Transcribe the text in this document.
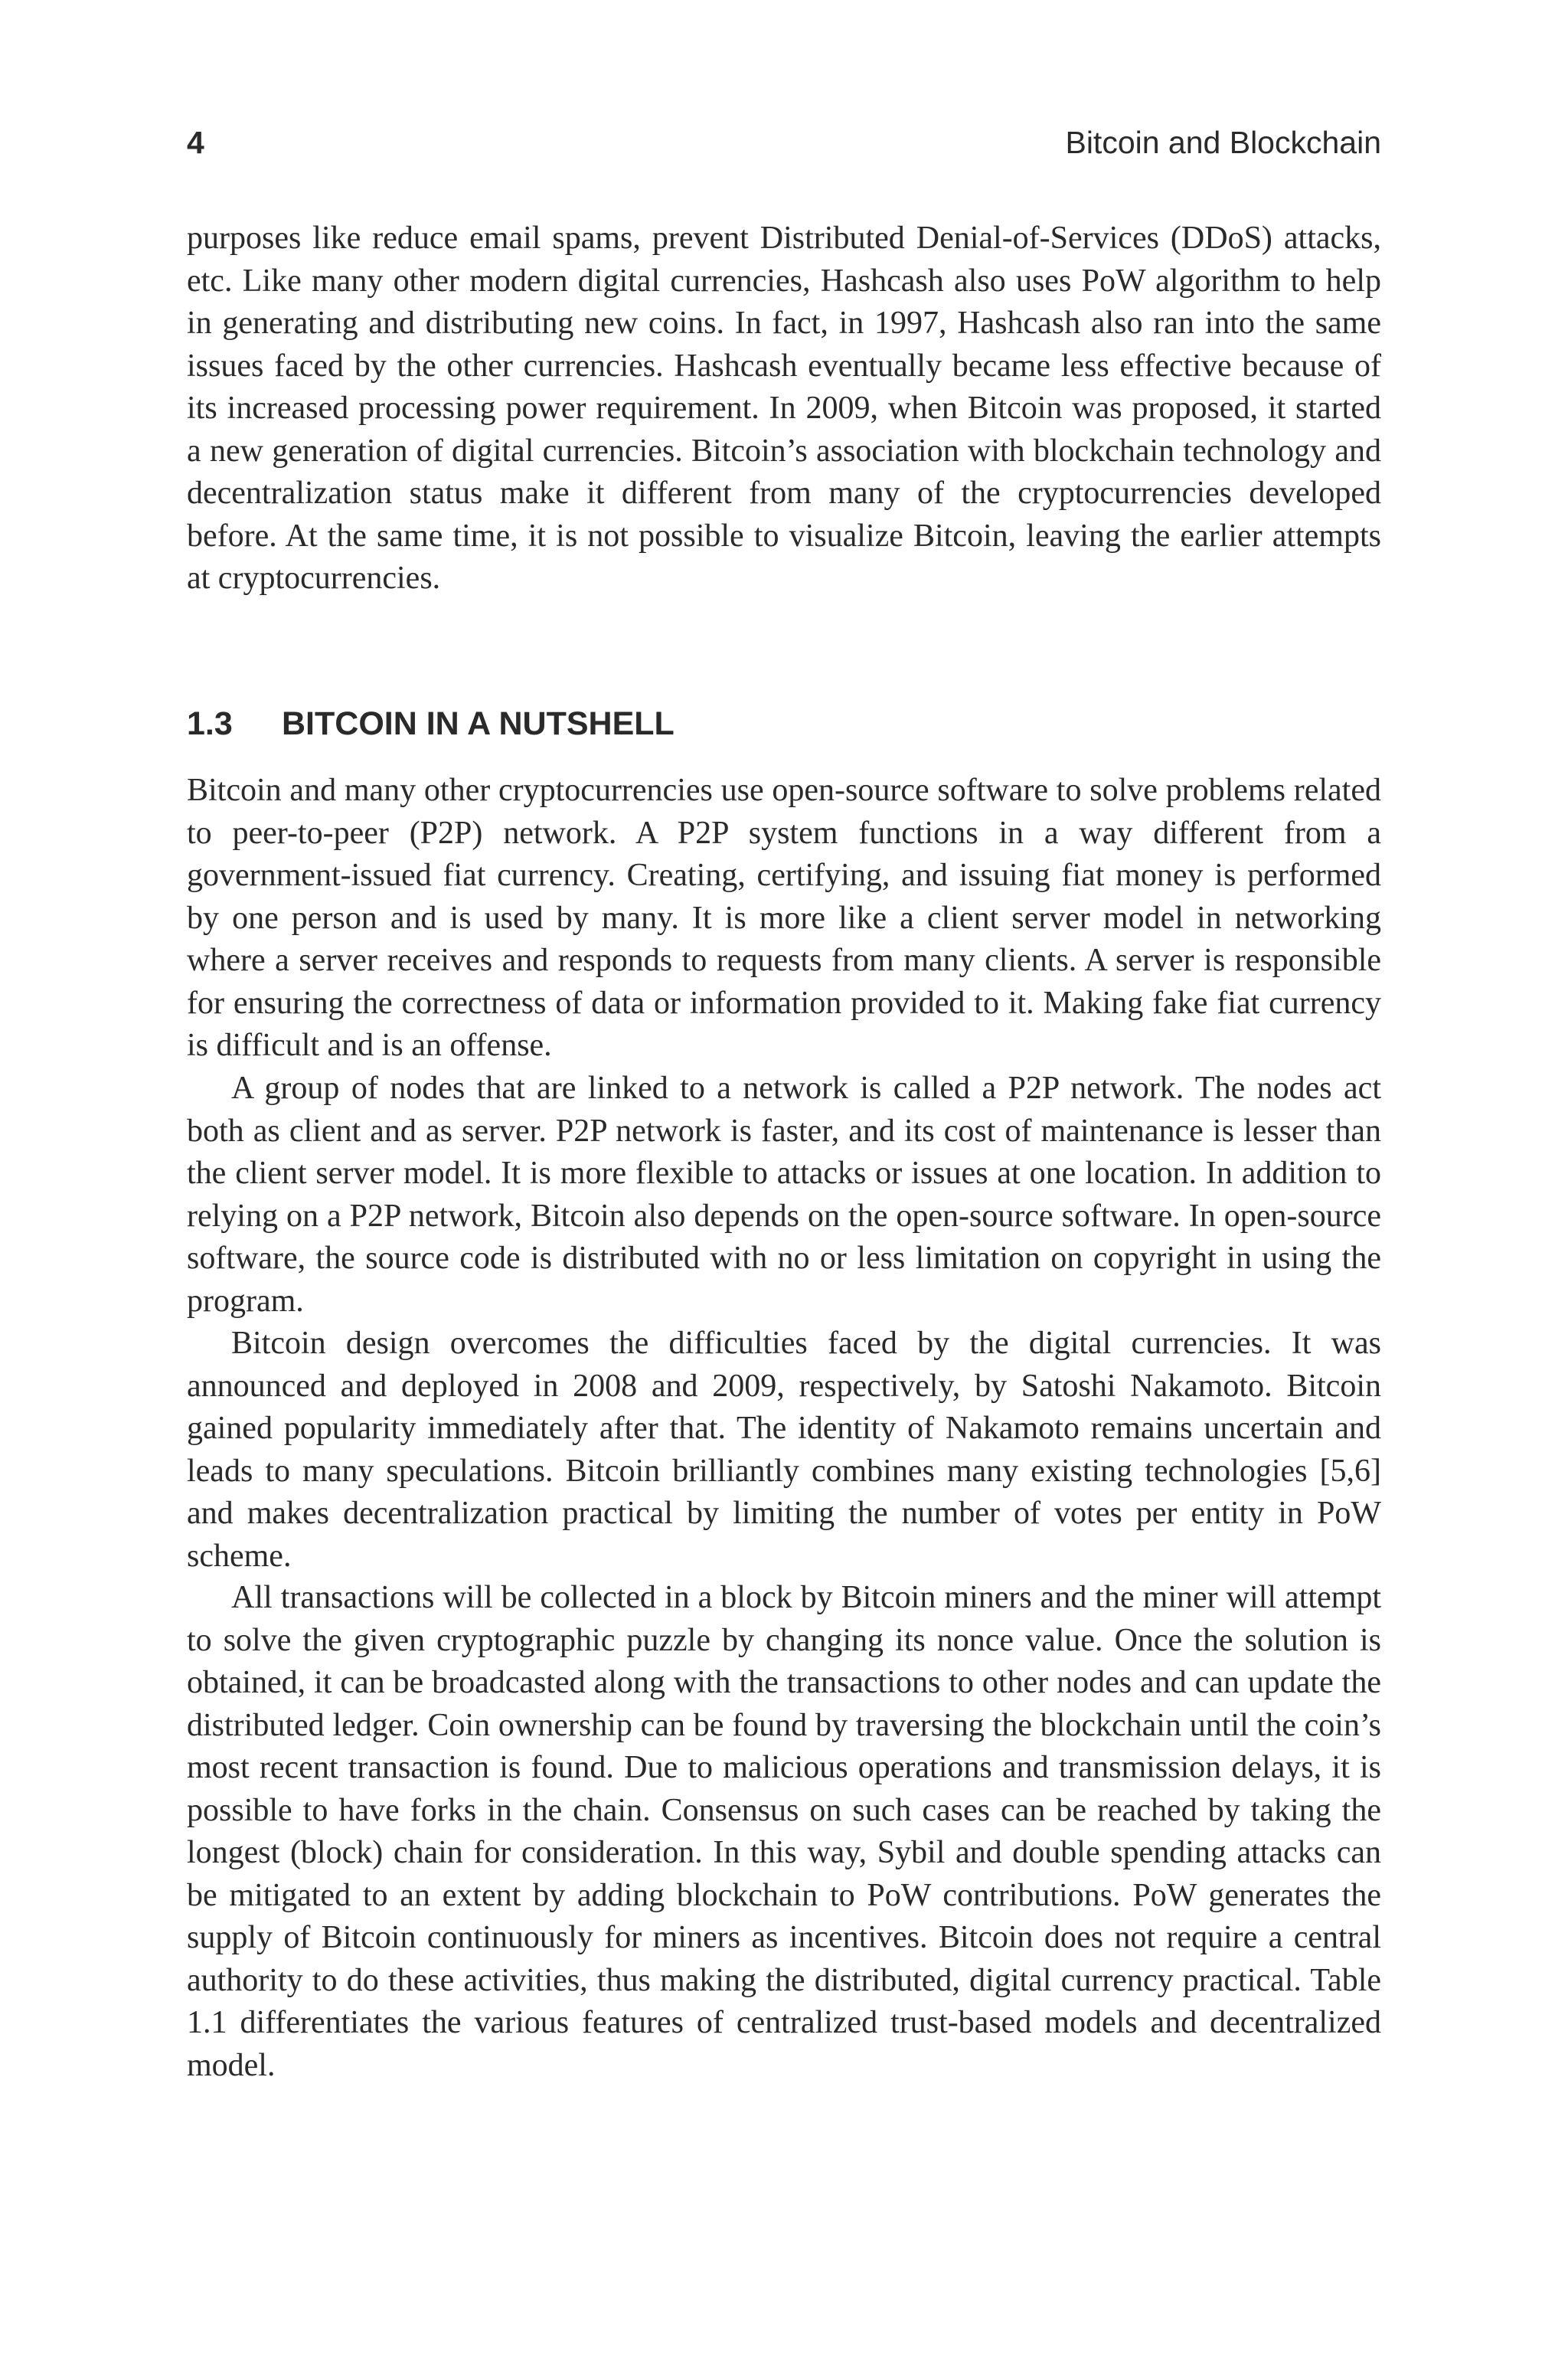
4	Bitcoin and Blockchain

purposes like reduce email spams, prevent Distributed Denial-of-Services (DDoS) attacks, etc. Like many other modern digital currencies, Hashcash also uses PoW algorithm to help in generating and distributing new coins. In fact, in 1997, Hashcash also ran into the same issues faced by the other currencies. Hashcash eventually became less effective because of its increased processing power requirement. In 2009, when Bitcoin was proposed, it started a new generation of digital currencies. Bitcoin’s association with blockchain technology and decentralization status make it different from many of the cryptocurrencies developed before. At the same time, it is not possible to visualize Bitcoin, leaving the earlier attempts at cryptocurrencies.

1.3 BITCOIN IN A NUTSHELL

Bitcoin and many other cryptocurrencies use open-source software to solve problems related to peer-to-peer (P2P) network. A P2P system functions in a way different from a government-issued fiat currency. Creating, certifying, and issuing fiat money is performed by one person and is used by many. It is more like a client server model in networking where a server receives and responds to requests from many clients. A server is responsible for ensuring the correctness of data or information provided to it. Making fake fiat currency is difficult and is an offense.

A group of nodes that are linked to a network is called a P2P network. The nodes act both as client and as server. P2P network is faster, and its cost of maintenance is lesser than the client server model. It is more flexible to attacks or issues at one location. In addition to relying on a P2P network, Bitcoin also depends on the open-source software. In open-source software, the source code is distributed with no or less limitation on copyright in using the program.

Bitcoin design overcomes the difficulties faced by the digital currencies. It was announced and deployed in 2008 and 2009, respectively, by Satoshi Nakamoto. Bitcoin gained popularity immediately after that. The identity of Nakamoto remains uncertain and leads to many speculations. Bitcoin brilliantly combines many existing technologies [5,6] and makes decentralization practical by limiting the number of votes per entity in PoW scheme.

All transactions will be collected in a block by Bitcoin miners and the miner will attempt to solve the given cryptographic puzzle by changing its nonce value. Once the solution is obtained, it can be broadcasted along with the transactions to other nodes and can update the distributed ledger. Coin ownership can be found by traversing the blockchain until the coin’s most recent transaction is found. Due to malicious operations and transmission delays, it is possible to have forks in the chain. Consensus on such cases can be reached by taking the longest (block) chain for consideration. In this way, Sybil and double spending attacks can be mitigated to an extent by adding blockchain to PoW contributions. PoW generates the supply of Bitcoin continuously for miners as incentives. Bitcoin does not require a central authority to do these activities, thus making the distributed, digital currency practical. Table 1.1 differentiates the various features of centralized trust-based models and decentralized model.
